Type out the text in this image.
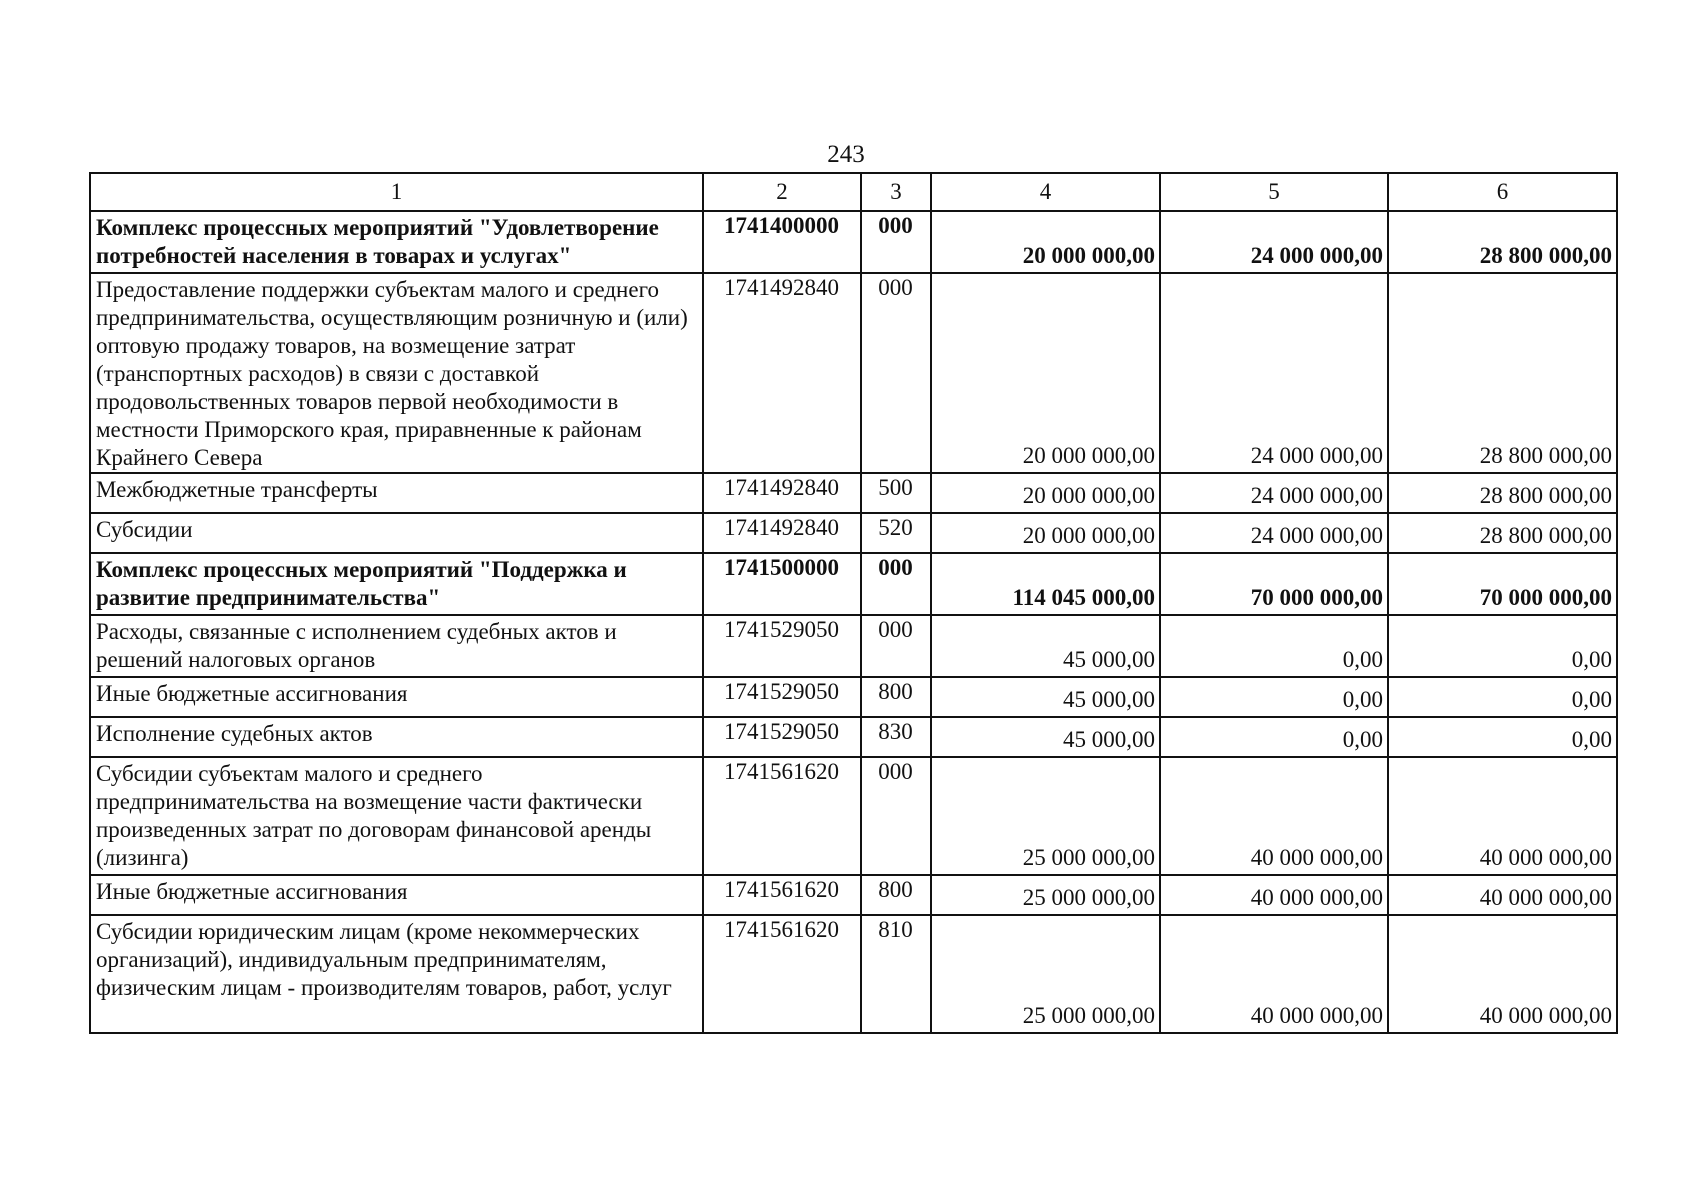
243
1	2	3	4	5	6
Комплекс процессных мероприятий "Удовлетворение потребностей населения в товарах и услугах"	1741400000	000	20 000 000,00	24 000 000,00	28 800 000,00
Предоставление поддержки субъектам малого и среднего предпринимательства, осуществляющим розничную и (или) оптовую продажу товаров, на возмещение затрат (транспортных расходов) в связи с доставкой продовольственных товаров первой необходимости в местности Приморского края, приравненные к районам Крайнего Севера	1741492840	000	20 000 000,00	24 000 000,00	28 800 000,00
Межбюджетные трансферты	1741492840	500	20 000 000,00	24 000 000,00	28 800 000,00
Субсидии	1741492840	520	20 000 000,00	24 000 000,00	28 800 000,00
Комплекс процессных мероприятий "Поддержка и развитие предпринимательства"	1741500000	000	114 045 000,00	70 000 000,00	70 000 000,00
Расходы, связанные с исполнением судебных актов и решений налоговых органов	1741529050	000	45 000,00	0,00	0,00
Иные бюджетные ассигнования	1741529050	800	45 000,00	0,00	0,00
Исполнение судебных актов	1741529050	830	45 000,00	0,00	0,00
Субсидии субъектам малого и среднего предпринимательства на возмещение части фактически произведенных затрат по договорам финансовой аренды (лизинга)	1741561620	000	25 000 000,00	40 000 000,00	40 000 000,00
Иные бюджетные ассигнования	1741561620	800	25 000 000,00	40 000 000,00	40 000 000,00
Субсидии юридическим лицам (кроме некоммерческих организаций), индивидуальным предпринимателям, физическим лицам - производителям товаров, работ, услуг	1741561620	810	25 000 000,00	40 000 000,00	40 000 000,00
